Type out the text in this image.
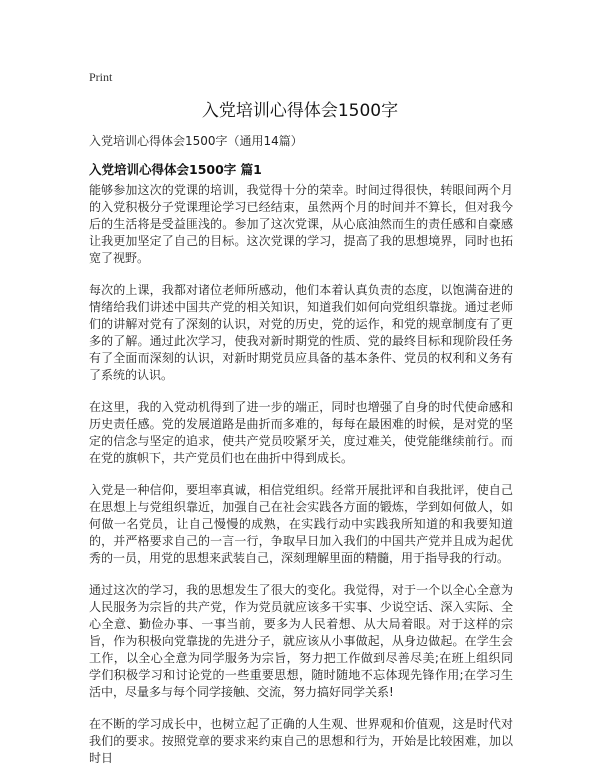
Print
入党培训心得体会1500字
入党培训心得体会1500字（通用14篇）
入党培训心得体会1500字 篇1

能够参加这次的党课的培训，我觉得十分的荣幸。时间过得很快，转眼间两个月的入党积极分子党课理论学习已经结束，虽然两个月的时间并不算长，但对我今后的生活将是受益匪浅的。参加了这次党课，从心底油然而生的责任感和自豪感让我更加坚定了自己的目标。这次党课的学习，提高了我的思想境界，同时也拓宽了视野。

每次的上课，我都对诸位老师所感动，他们本着认真负责的态度，以饱满奋进的情绪给我们讲述中国共产党的相关知识，知道我们如何向党组织靠拢。通过老师们的讲解对党有了深刻的认识，对党的历史，党的运作，和党的规章制度有了更多的了解。通过此次学习，使我对新时期党的性质、党的最终目标和现阶段任务有了全面而深刻的认识，对新时期党员应具备的基本条件、党员的权利和义务有了系统的认识。

在这里，我的入党动机得到了进一步的端正，同时也增强了自身的时代使命感和历史责任感。党的发展道路是曲折而多难的，每每在最困难的时候，是对党的坚定的信念与坚定的追求，使共产党员咬紧牙关，度过难关，使党能继续前行。而在党的旗帜下，共产党员们也在曲折中得到成长。

入党是一种信仰，要坦率真诚，相信党组织。经常开展批评和自我批评，使自己在思想上与党组织靠近，加强自己在社会实践各方面的锻炼，学到如何做人，如何做一名党员，让自己慢慢的成熟，在实践行动中实践我所知道的和我要知道的，并严格要求自己的一言一行，争取早日加入我们的中国共产党并且成为起优秀的一员，用党的思想来武装自己，深刻理解里面的精髓，用于指导我的行动。

通过这次的学习，我的思想发生了很大的变化。我觉得，对于一个以全心全意为人民服务为宗旨的共产党，作为党员就应该多干实事、少说空话、深入实际、全心全意、勤俭办事、一事当前，要多为人民着想、从大局着眼。对于这样的宗旨，作为积极向党靠拢的先进分子，就应该从小事做起，从身边做起。在学生会工作，以全心全意为同学服务为宗旨，努力把工作做到尽善尽美;在班上组织同学们积极学习和讨论党的一些重要思想，随时随地不忘体现先锋作用;在学习生活中，尽量多与每个同学接触、交流，努力搞好同学关系!

在不断的学习成长中，也树立起了正确的人生观、世界观和价值观，这是时代对我们的要求。按照党章的要求来约束自己的思想和行为，开始是比较困难，加以时日
